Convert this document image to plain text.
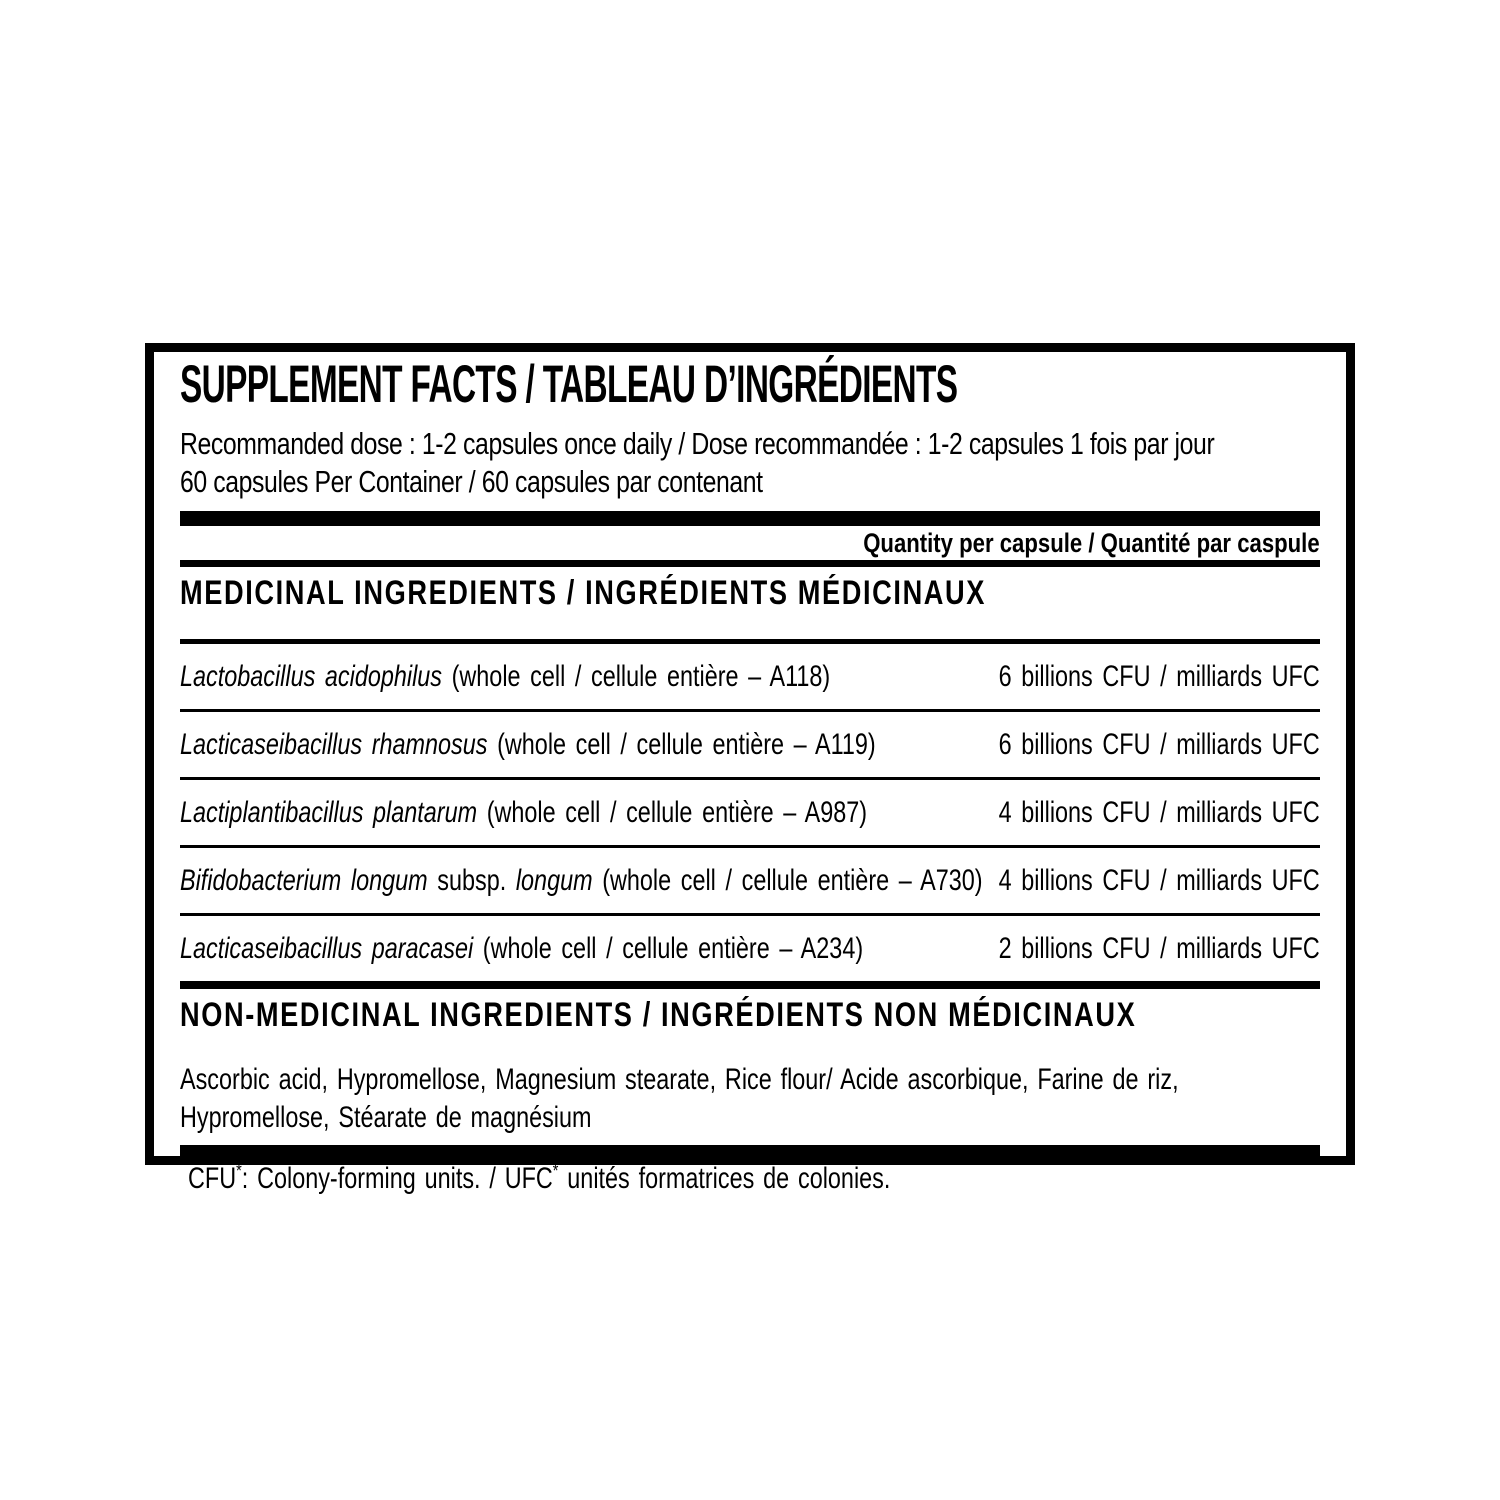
SUPPLEMENT FACTS / TABLEAU D’INGRÉDIENTS
Recommanded dose : 1-2 capsules once daily / Dose recommandée : 1-2 capsules 1 fois par jour
60 capsules Per Container / 60 capsules par contenant
Quantity per capsule / Quantité par caspule
MEDICINAL INGREDIENTS / INGRÉDIENTS MÉDICINAUX
Lactobacillus acidophilus (whole cell / cellule entière – A118)	6 billions CFU / milliards UFC
Lacticaseibacillus rhamnosus (whole cell / cellule entière – A119)	6 billions CFU / milliards UFC
Lactiplantibacillus plantarum (whole cell / cellule entière – A987)	4 billions CFU / milliards UFC
Bifidobacterium longum subsp. longum (whole cell / cellule entière – A730) 4 billions CFU / milliards UFC
Lacticaseibacillus paracasei (whole cell / cellule entière – A234)	2 billions CFU / milliards UFC
NON-MEDICINAL INGREDIENTS / INGRÉDIENTS NON MÉDICINAUX
Ascorbic acid, Hypromellose, Magnesium stearate, Rice flour/ Acide ascorbique, Farine de riz,
Hypromellose, Stéarate de magnésium
CFU*: Colony-forming units. / UFC* unités formatrices de colonies.
